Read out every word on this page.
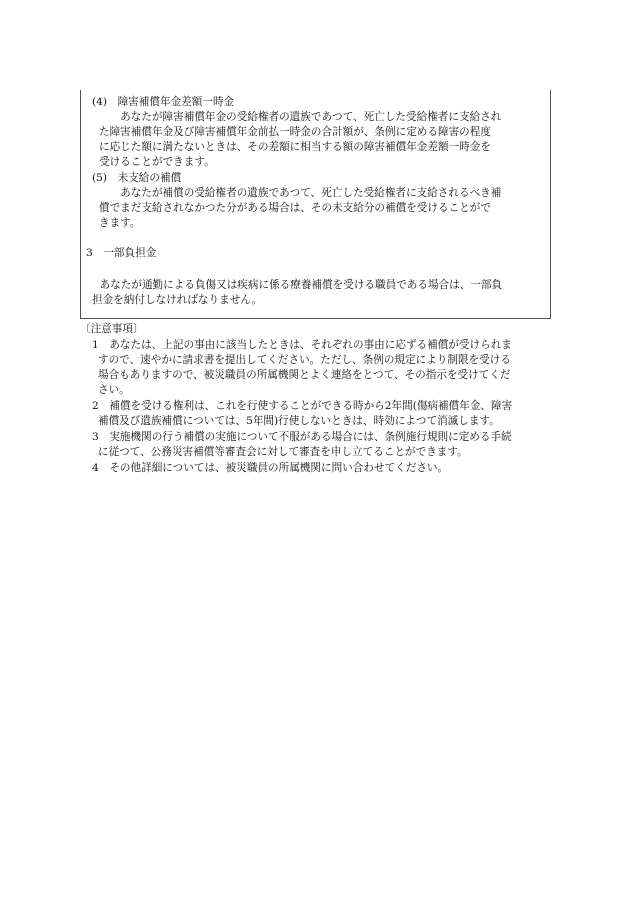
(4)　障害補償年金差額一時金
　　あなたが障害補償年金の受給権者の遺族であつて、死亡した受給権者に支給され
た障害補償年金及び障害補償年金前払一時金の合計額が、条例に定める障害の程度
に応じた額に満たないときは、その差額に相当する額の障害補償年金差額一時金を
受けることができます。
(5)　未支給の補償
　　あなたが補償の受給権者の遺族であつて、死亡した受給権者に支給されるべき補
償でまだ支給されなかつた分がある場合は、その未支給分の補償を受けることがで
きます。
3　一部負担金
　あなたが通勤による負傷又は疾病に係る療養補償を受ける職員である場合は、一部負
担金を納付しなければなりません。
〔注意事項〕
1　あなたは、上記の事由に該当したときは、それぞれの事由に応ずる補償が受けられま
すので、速やかに請求書を提出してください。ただし、条例の規定により制限を受ける
場合もありますので、被災職員の所属機関とよく連絡をとつて、その指示を受けてくだ
さい。
2　補償を受ける権利は、これを行使することができる時から2年間(傷病補償年金、障害
補償及び遺族補償については、5年間)行使しないときは、時効によつて消滅します。
3　実施機関の行う補償の実施について不服がある場合には、条例施行規則に定める手続
に従つて、公務災害補償等審査会に対して審査を申し立てることができます。
4　その他詳細については、被災職員の所属機関に問い合わせてください。
